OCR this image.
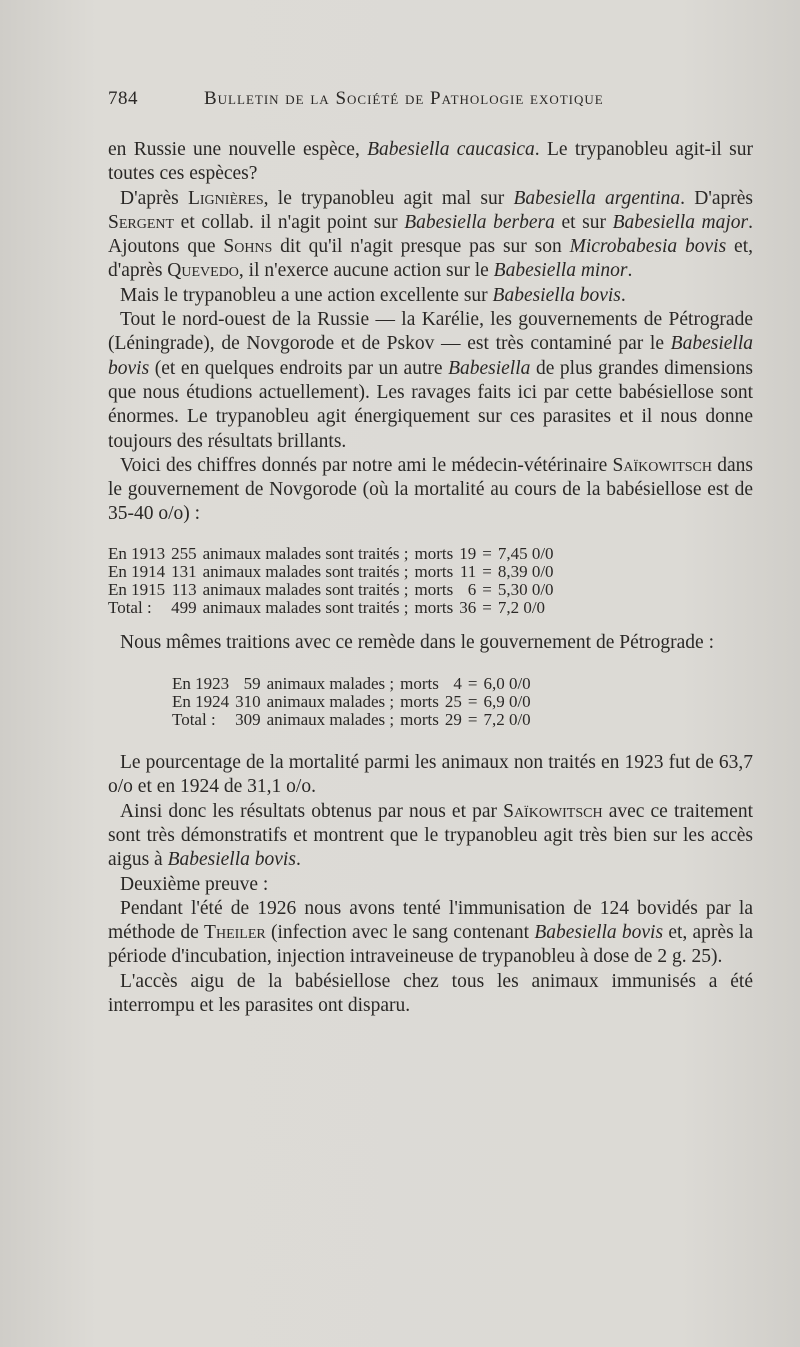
784	Bulletin de la Société de Pathologie exotique

en Russie une nouvelle espèce, Babesiella caucasica. Le trypanobleu agit-il sur toutes ces espèces?

D'après Lignières, le trypanobleu agit mal sur Babesiella argentina. D'après Sergent et collab. il n'agit point sur Babesiella berbera et sur Babesiella major. Ajoutons que Sohns dit qu'il n'agit presque pas sur son Microbabesia bovis et, d'après Quevedo, il n'exerce aucune action sur le Babesiella minor.

Mais le trypanobleu a une action excellente sur Babesiella bovis.

Tout le nord-ouest de la Russie — la Karélie, les gouvernements de Pétrograde (Léningrade), de Novgorode et de Pskov — est très contaminé par le Babesiella bovis (et en quelques endroits par un autre Babesiella de plus grandes dimensions que nous étudions actuellement). Les ravages faits ici par cette babésiellose sont énormes. Le trypanobleu agit énergiquement sur ces parasites et il nous donne toujours des résultats brillants.

Voici des chiffres donnés par notre ami le médecin-vétérinaire Saïkowitsch dans le gouvernement de Novgorode (où la mortalité au cours de la babésiellose est de 35-40 o/o) :

En 1913	255	animaux malades sont traités ;	morts	19	=	7,45 0/0
En 1914	131	animaux malades sont traités ;	morts	11	=	8,39 0/0
En 1915	113	animaux malades sont traités ;	morts	6	=	5,30 0/0
Total :	499	animaux malades sont traités ;	morts	36	=	7,2 0/0

Nous mêmes traitions avec ce remède dans le gouvernement de Pétrograde :

En 1923	59	animaux malades ;	morts	4	=	6,0 0/0
En 1924	310	animaux malades ;	morts	25	=	6,9 0/0
Total :	309	animaux malades ;	morts	29	=	7,2 0/0

Le pourcentage de la mortalité parmi les animaux non traités en 1923 fut de 63,7 o/o et en 1924 de 31,1 o/o.

Ainsi donc les résultats obtenus par nous et par Saïkowitsch avec ce traitement sont très démonstratifs et montrent que le trypanobleu agit très bien sur les accès aigus à Babesiella bovis.

Deuxième preuve :

Pendant l'été de 1926 nous avons tenté l'immunisation de 124 bovidés par la méthode de Theiler (infection avec le sang contenant Babesiella bovis et, après la période d'incubation, injection intraveineuse de trypanobleu à dose de 2 g. 25).

L'accès aigu de la babésiellose chez tous les animaux immunisés a été interrompu et les parasites ont disparu.
